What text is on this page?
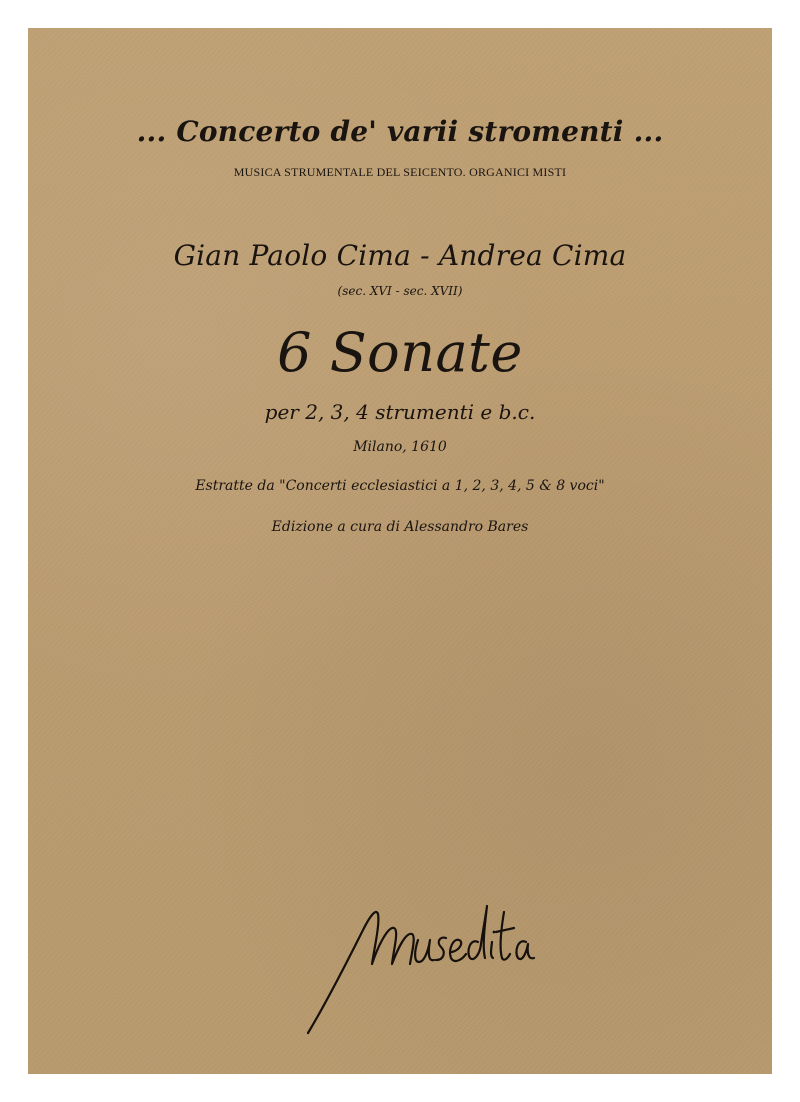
... Concerto de' varii stromenti ...
MUSICA STRUMENTALE DEL SEICENTO. ORGANICI MISTI
Gian Paolo Cima - Andrea Cima
(sec. XVI - sec. XVII)
6 Sonate
per 2, 3, 4 strumenti e b.c.
Milano, 1610
Estratte da "Concerti ecclesiastici a 1, 2, 3, 4, 5 & 8 voci"
Edizione a cura di Alessandro Bares
